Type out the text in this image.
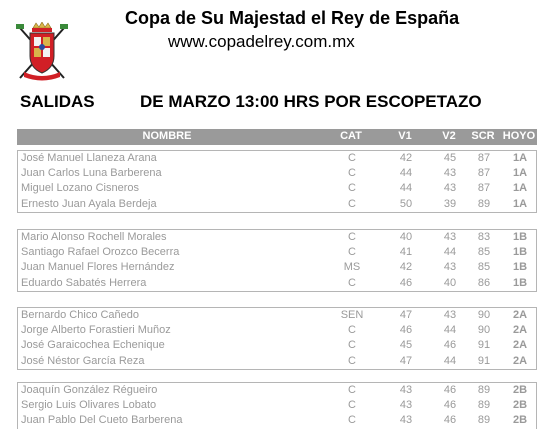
Copa de Su Majestad el Rey de España
www.copadelrey.com.mx
SALIDAS	DE MARZO 13:00 HRS POR ESCOPETAZO
NOMBRE	CAT	V1	V2	SCR HOYO
José Manuel Llaneza Arana	C	42	45	87	1A
Juan Carlos Luna Barberena	C	44	43	87	1A
Miguel Lozano Cisneros	C	44	43	87	1A
Ernesto Juan Ayala Berdeja	C	50	39	89	1A
Mario Alonso Rochell Morales	C	40	43	83	1B
Santiago Rafael Orozco Becerra	C	41	44	85	1B
Juan Manuel Flores Hernández	MS	42	43	85	1B
Eduardo Sabatés Herrera	C	46	40	86	1B
Bernardo Chico Cañedo	SEN	47	43	90	2A
Jorge Alberto Forastieri Muñoz	C	46	44	90	2A
José Garaicochea Echenique	C	45	46	91	2A
José Néstor García Reza	C	47	44	91	2A
Joaquín González Régueiro	C	43	46	89	2B
Sergio Luis Olivares Lobato	C	43	46	89	2B
Juan Pablo Del Cueto Barberena	C	43	46	89	2B
